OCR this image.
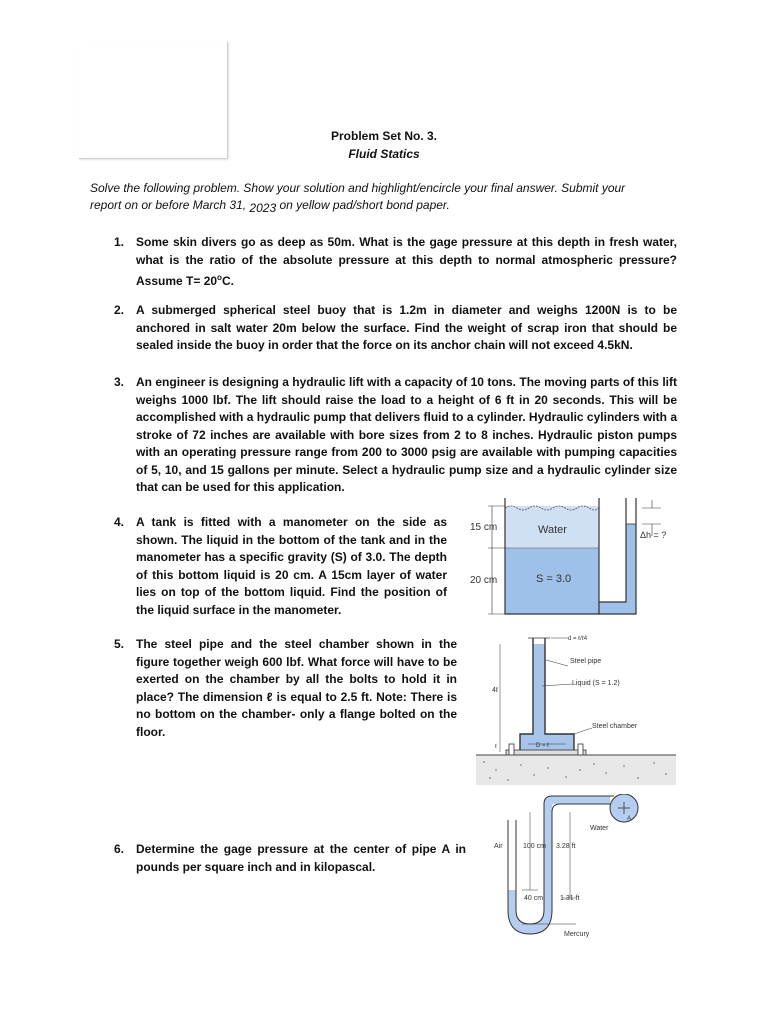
Problem Set No. 3.
Fluid Statics
Solve the following problem. Show your solution and highlight/encircle your final answer. Submit your
report on or before March 31, 2023 on yellow pad/short bond paper.
1. Some skin divers go as deep as 50m. What is the gage pressure at this depth in fresh water, what is the ratio of the absolute pressure at this depth to normal atmospheric pressure? Assume $T= 20^oC$.
2. A submerged spherical steel buoy that is 1.2m in diameter and weighs 1200N is to be anchored in salt water 20m below the surface. Find the weight of scrap iron that should be sealed inside the buoy in order that the force on its anchor chain will not exceed 4.5kN.
3. An engineer is designing a hydraulic lift with a capacity of 10 tons. The moving parts of this lift weighs 1000 lbf. The lift should raise the load to a height of 6 ft in 20 seconds. This will be accomplished with a hydraulic pump that delivers fluid to a cylinder. Hydraulic cylinders with a stroke of 72 inches are available with bore sizes from 2 to 8 inches. Hydraulic piston pumps with an operating pressure range from 200 to 3000 psig are available with pumping capacities of 5, 10, and 15 gallons per minute. Select a hydraulic pump size and a hydraulic cylinder size that can be used for this application.
4. A tank is fitted with a manometer on the side as shown. The liquid in the bottom of the tank and in the manometer has a specific gravity (S) of 3.0. The depth of this bottom liquid is 20 cm. A 15cm layer of water lies on top of the bottom liquid. Find the position of the liquid surface in the manometer.
5. The steel pipe and the steel chamber shown in the figure together weigh 600 lbf. What force will have to be exerted on the chamber by all the bolts to hold it in place? The dimension ℓ is equal to 2.5 ft. Note: There is no bottom on the chamber- only a flange bolted on the floor.
6. Determine the gage pressure at the center of pipe A in pounds per square inch and in kilopascal.
15 cm
20 cm
Water
S = 3.0
Δh = ?
d = ℓ/ℓ4
Steel pipe
Liquid (S = 1.2)
4ℓ
Steel chamber
D = ℓ
ℓ
A
Air	100 cm 3.28 ft
40 cm 1.31 ft
Water
Mercury
